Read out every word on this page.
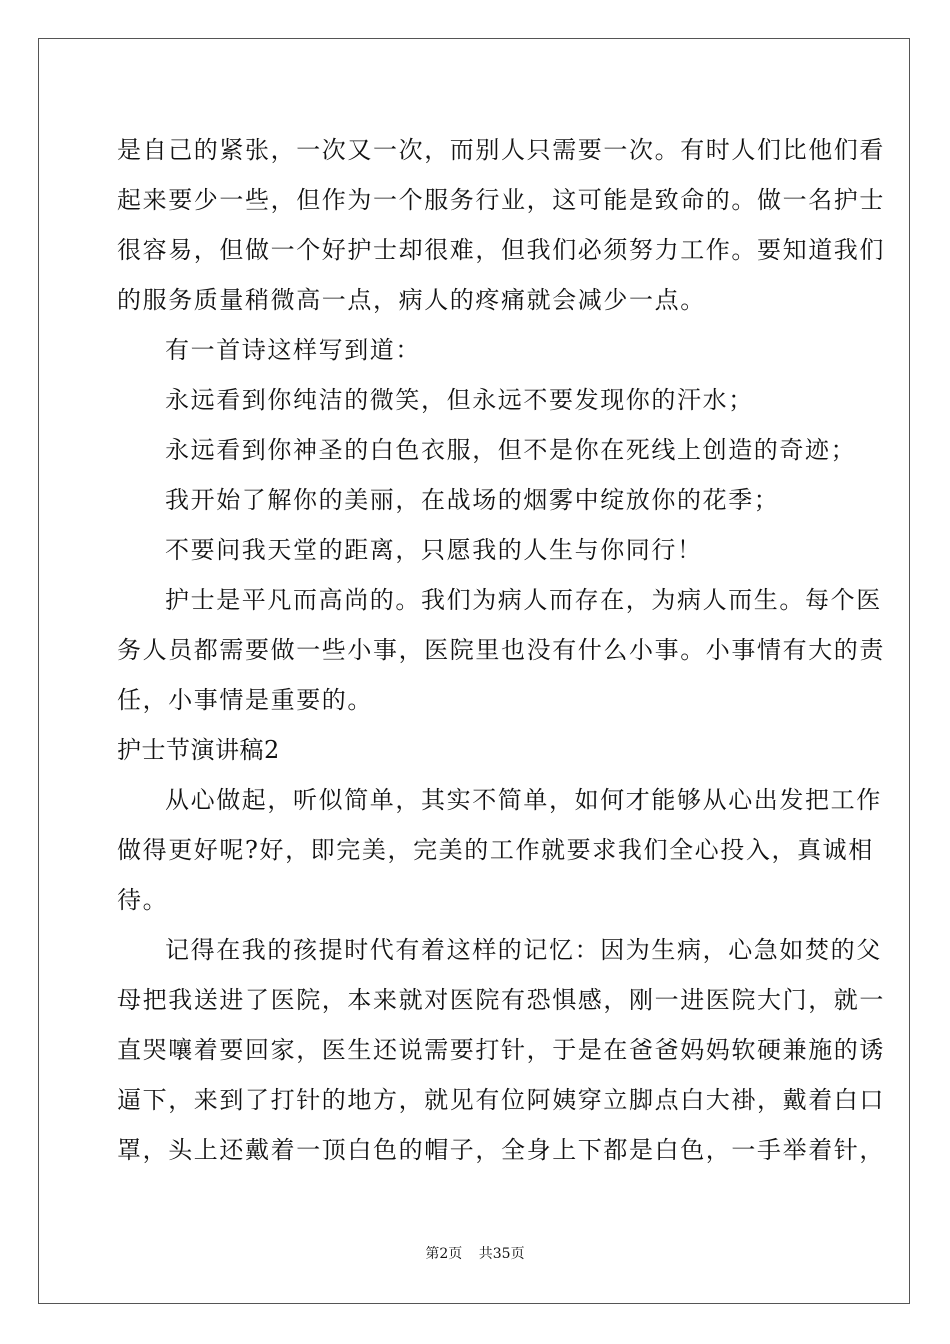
是自己的紧张，一次又一次，而别人只需要一次。有时人们比他们看
起来要少一些，但作为一个服务行业，这可能是致命的。做一名护士
很容易，但做一个好护士却很难，但我们必须努力工作。要知道我们
的服务质量稍微高一点，病人的疼痛就会减少一点。
有一首诗这样写到道：
永远看到你纯洁的微笑，但永远不要发现你的汗水；
永远看到你神圣的白色衣服，但不是你在死线上创造的奇迹；
我开始了解你的美丽，在战场的烟雾中绽放你的花季；
不要问我天堂的距离，只愿我的人生与你同行！
护士是平凡而高尚的。我们为病人而存在，为病人而生。每个医
务人员都需要做一些小事，医院里也没有什么小事。小事情有大的责
任，小事情是重要的。
护士节演讲稿2
从心做起，听似简单，其实不简单，如何才能够从心出发把工作
做得更好呢?好，即完美，完美的工作就要求我们全心投入，真诚相
待。
记得在我的孩提时代有着这样的记忆：因为生病，心急如焚的父
母把我送进了医院，本来就对医院有恐惧感，刚一进医院大门，就一
直哭嚷着要回家，医生还说需要打针，于是在爸爸妈妈软硬兼施的诱
逼下，来到了打针的地方，就见有位阿姨穿立脚点白大褂，戴着白口
罩，头上还戴着一顶白色的帽子，全身上下都是白色，一手举着针，
第2页 共35页
